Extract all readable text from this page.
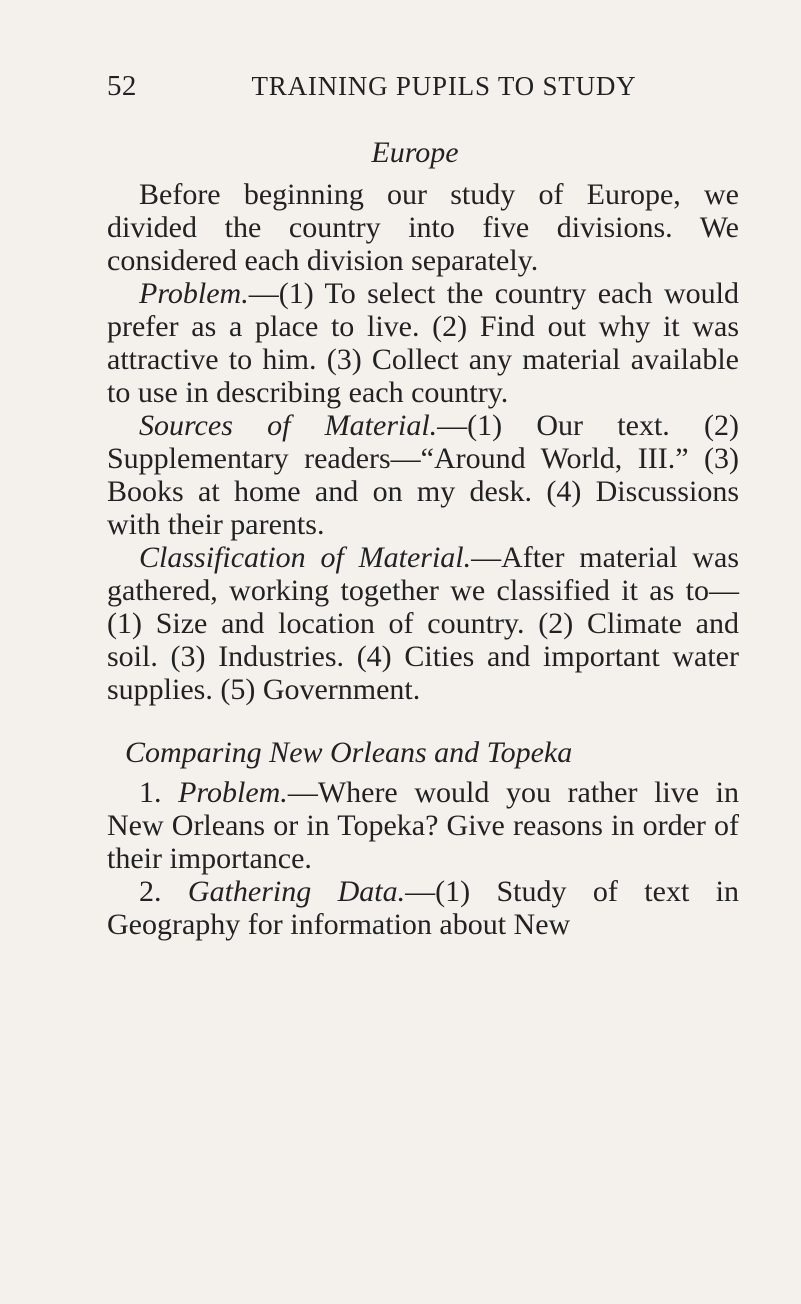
52	TRAINING PUPILS TO STUDY
Europe

Before beginning our study of Europe, we divided the country into five divisions. We considered each division separately.

Problem.—(1) To select the country each would prefer as a place to live. (2) Find out why it was attractive to him. (3) Collect any material available to use in describing each country.

Sources of Material.—(1) Our text. (2) Supplementary readers—“Around World, III.” (3) Books at home and on my desk. (4) Discussions with their parents.

Classification of Material.—After material was gathered, working together we classified it as to—(1) Size and location of country. (2) Climate and soil. (3) Industries. (4) Cities and important water supplies. (5) Government.

Comparing New Orleans and Topeka

1. Problem.—Where would you rather live in New Orleans or in Topeka? Give reasons in order of their importance.

2. Gathering Data.—(1) Study of text in Geography for information about New
